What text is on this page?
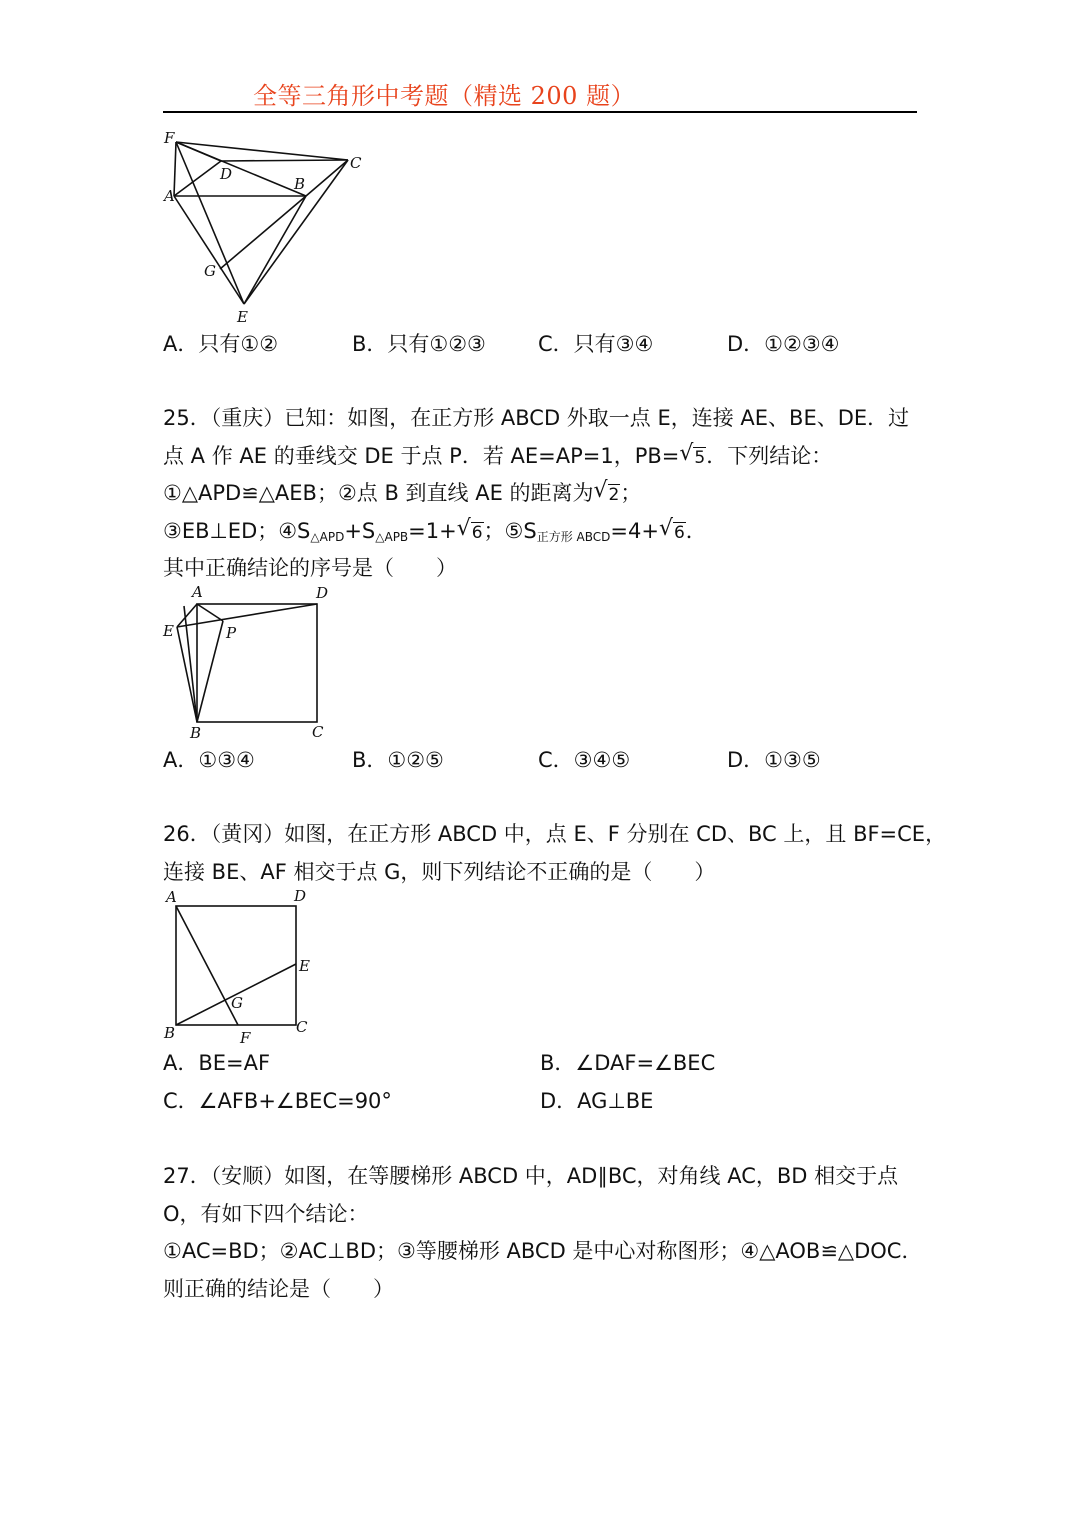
全等三角形中考题（精选 200 题）
F
D
C
A
B
G
E
A．只有①②	B．只有①②③ C．只有③④	D．①②③④
25．（重庆）已知：如图，在正方形 ABCD 外取一点 E，连接 AE、BE、DE．过
点 A 作 AE 的垂线交 DE 于点 P．若 AE=AP=1，PB= √ 5．下列结论：
①△APD≌△AEB；②点 B 到直线 AE 的距离为 √ 2；
③EB⊥ED；$④S_{\triangle APD}+S_{\triangle APB}=1+$ √ 6；$⑤S_{正方形 ABCD}=4+$ √ 6．
其中正确结论的序号是（　　）
A	D
E	P
B	C
A．①③④	B．①②⑤	C．③④⑤	D．①③⑤
26．（黄冈）如图，在正方形 ABCD 中，点 E、F 分别在 CD、BC 上，且 BF=CE，
连接 BE、AF 相交于点 G，则下列结论不正确的是（　　）
A	D
E
G
B	F
C
A．BE=AF	B．∠DAF=∠BEC
C．∠AFB+∠BEC=90°	D．AG⊥BE
27．（安顺）如图，在等腰梯形 ABCD 中，AD∥BC，对角线 AC，BD 相交于点
O，有如下四个结论：
①AC=BD；②AC⊥BD；③等腰梯形 ABCD 是中心对称图形；④△AOB≌△DOC．
则正确的结论是（　　）
